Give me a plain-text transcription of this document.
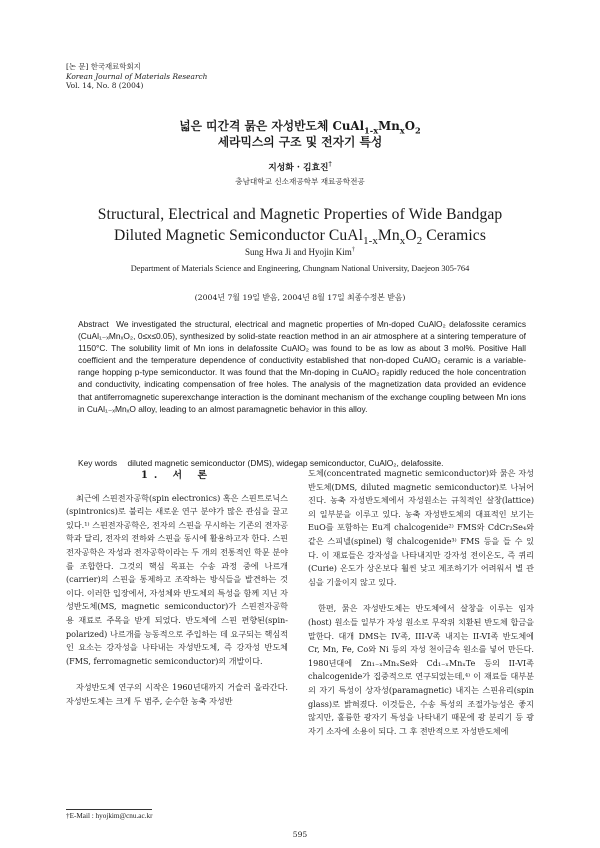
[논 문] 한국재료학회지
Korean Journal of Materials Research
Vol. 14, No. 8 (2004)
넓은 띠간격 묽은 자성반도체 $CuAl_{1-x}Mn_xO_2$
세라믹스의 구조 및 전자기 특성
지성화 · 김효진†
충남대학교 신소재공학부 재료공학전공
Structural, Electrical and Magnetic Properties of Wide Bandgap
Diluted Magnetic Semiconductor $CuAl_{1-x}Mn_xO_2$ Ceramics
Sung Hwa Ji and Hyojin Kim†
Department of Materials Science and Engineering, Chungnam National University, Daejeon 305-764
(2004년 7월 19일 받음, 2004년 8월 17일 최종수정본 받음)
Abstract We investigated the structural, electrical and magnetic properties of Mn-doped CuAlO₂ delafossite ceramics (CuAl₁₋ₓMnₓO₂, 0≤x≤0.05), synthesized by solid-state reaction method in an air atmosphere at a sintering temperature of 1150°C. The solubility limit of Mn ions in delafossite CuAlO₂ was found to be as low as about 3 mol%. Positive Hall coefficient and the temperature dependence of conductivity established that non-doped CuAlO₂ ceramic is a variable-range hopping p-type semiconductor. It was found that the Mn-doping in CuAlO₂ rapidly reduced the hole concentration and conductivity, indicating compensation of free holes. The analysis of the magnetization data provided an evidence that antiferromagnetic superexchange interaction is the dominant mechanism of the exchange coupling between Mn ions in CuAl₁₋ₓMnₓO alloy, leading to an almost paramagnetic behavior in this alloy.
Key words diluted magnetic semiconductor (DMS), widegap semiconductor, CuAlO₂, delafossite.
1. 서 론

최근에 스핀전자공학(spin electronics) 혹은 스핀트로닉스(spintronics)로 불리는 새로운 연구 분야가 많은 관심을 끌고 있다.¹⁾ 스핀전자공학은, 전자의 스핀을 무시하는 기존의 전자공학과 달리, 전자의 전하와 스핀을 동시에 활용하고자 한다. 스핀전자공학은 자성과 전자공학이라는 두 개의 전통적인 학문 분야를 조합한다. 그것의 핵심 목표는 수송 과정 중에 나르개(carrier)의 스핀을 통제하고 조작하는 방식들을 발견하는 것이다. 이러한 입장에서, 자성체와 반도체의 특성을 함께 지닌 자성반도체(MS, magnetic semiconductor)가 스핀전자공학용 재료로 주목을 받게 되었다. 반도체에 스핀 편향된(spin-polarized) 나르개를 능동적으로 주입하는 데 요구되는 핵심적인 요소는 강자성을 나타내는 자성반도체, 즉 강자성 반도체(FMS, ferromagnetic semiconductor)의 개발이다.

자성반도체 연구의 시작은 1960년대까지 거슬러 올라간다. 자성반도체는 크게 두 범주, 순수한 농축 자성반

도체(concentrated magnetic semiconductor)와 묽은 자성반도체(DMS, diluted magnetic semiconductor)로 나뉘어진다. 농축 자성반도체에서 자성원소는 규칙적인 살창(lattice)의 일부분을 이루고 있다. 농축 자성반도체의 대표적인 보기는 EuO를 포함하는 Eu계 chalcogenide²⁾ FMS와 CdCr₂Se₄와 같은 스피넬(spinel) 형 chalcogenide³⁾ FMS 등을 들 수 있다. 이 재료들은 강자성을 나타내지만 강자성 전이온도, 즉 퀴리(Curie) 온도가 상온보다 훨씬 낮고 제조하기가 어려워서 별 관심을 기울이지 않고 있다.

한편, 묽은 자성반도체는 반도체에서 살창을 이루는 임자(host) 원소들 일부가 자성 원소로 무작위 치환된 반도체 합금을 말한다. 대개 DMS는 IV족, III-V족 내지는 II-VI족 반도체에 Cr, Mn, Fe, Co와 Ni 등의 자성 천이금속 원소를 넣어 만든다. 1980년대에 Zn₁₋ₓMnₓSe와 Cd₁₋ₓMnₓTe 등의 II-VI족 chalcogenide가 집중적으로 연구되었는데,⁴⁾ 이 재료들 대부분의 자기 특성이 상자성(paramagnetic) 내지는 스핀유리(spin glass)로 밝혀졌다. 이것들은, 수송 특성의 조절가능성은 좋지 않지만, 훌륭한 광자기 특성을 나타내기 때문에 광 분리기 등 광자기 소자에 소용이 되다. 그 후 전반적으로 자성반도체에

†E-Mail : hyojkim@cnu.ac.kr
595
